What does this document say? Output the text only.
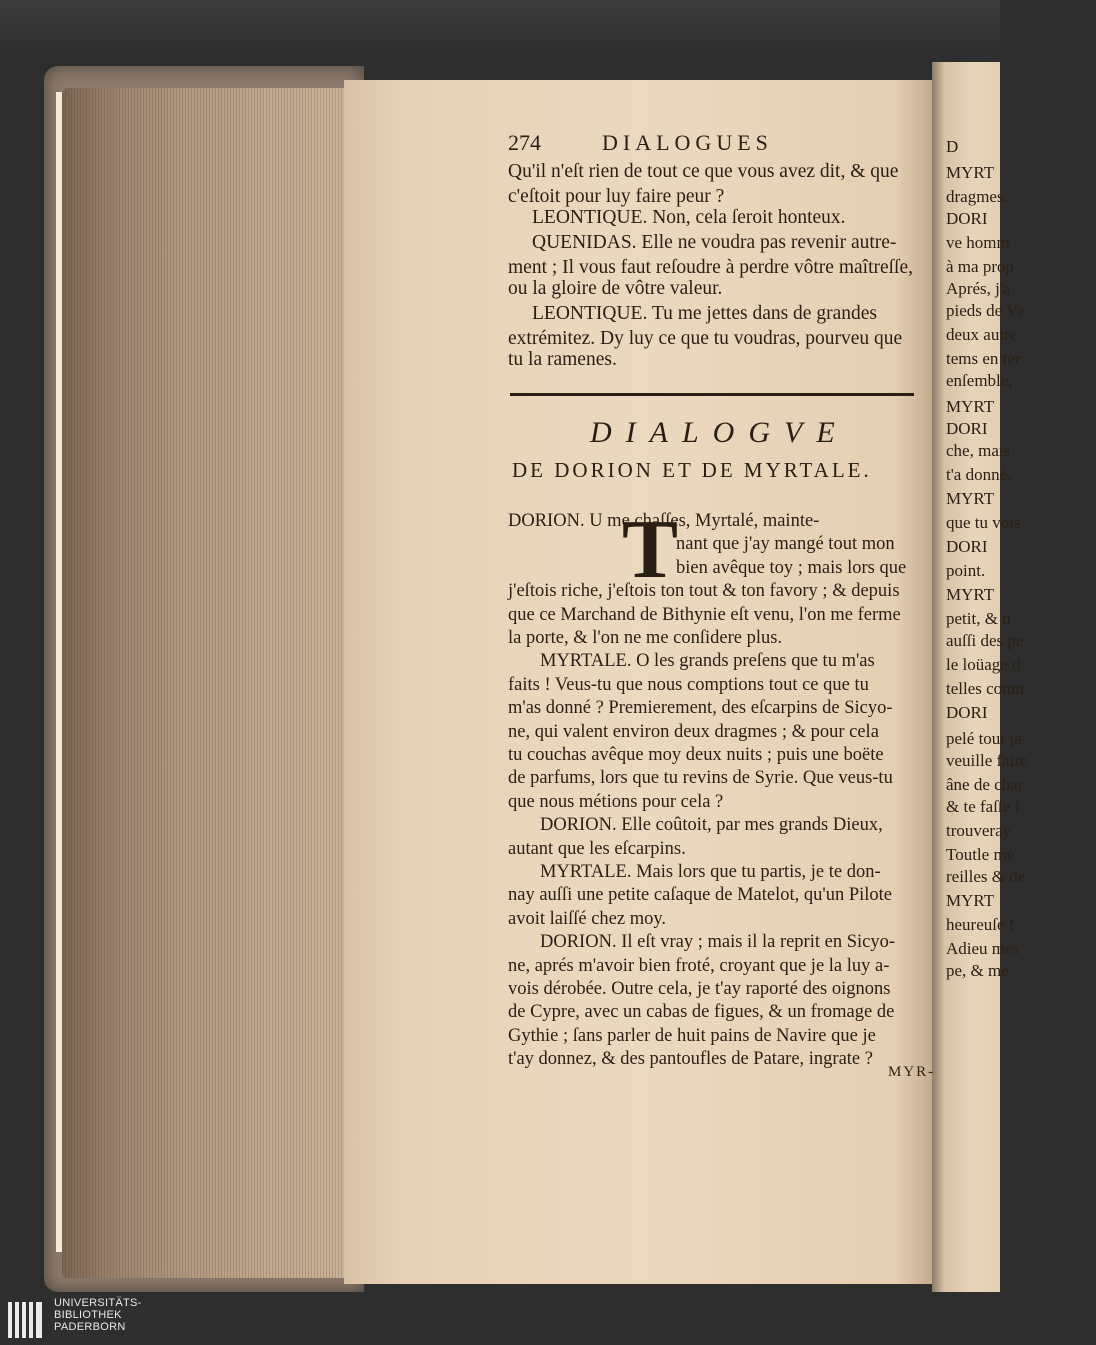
D
MYRT
dragmes.
DORI
ve homm
à ma prop
Aprés, j'a
pieds de Ve
deux autre
tems en ter
enſemble,
MYRT
DORI
che, mais
t'a donné.
MYRT
que tu vois
DORI
point.
MYRT
petit, & n
auſſi des pe
le loüage d
telles comn
DORI
pelé tout ja
veuille faire
âne de char
& te faſſe I
trouveray
Toutle me
reilles & de
MYRT
heureuſe !
Adieu mes
pe, & me
274	DIALOGUES
Qu'il n'eſt rien de tout ce que vous avez dit, & que
c'eſtoit pour luy faire peur ?
LEONTIQUE. Non, cela ſeroit honteux.
QUENIDAS. Elle ne voudra pas revenir autre-
ment ; Il vous faut reſoudre à perdre vôtre maîtreſſe,
ou la gloire de vôtre valeur.
LEONTIQUE. Tu me jettes dans de grandes
extrémitez. Dy luy ce que tu voudras, pourveu que
tu la ramenes.
DIALOGVE
DE DORION ET DE MYRTALE.
T
DORION. U me chaſſes, Myrtalé, mainte-
nant que j'ay mangé tout mon
bien avêque toy ; mais lors que
j'eſtois riche, j'eſtois ton tout & ton favory ; & depuis
que ce Marchand de Bithynie eſt venu, l'on me ferme
la porte, & l'on ne me conſidere plus.
MYRTALE. O les grands preſens que tu m'as
faits ! Veus-tu que nous comptions tout ce que tu
m'as donné ? Premierement, des eſcarpins de Sicyo-
ne, qui valent environ deux dragmes ; & pour cela
tu couchas avêque moy deux nuits ; puis une boëte
de parfums, lors que tu revins de Syrie. Que veus-tu
que nous métions pour cela ?
DORION. Elle coûtoit, par mes grands Dieux,
autant que les eſcarpins.
MYRTALE. Mais lors que tu partis, je te don-
nay auſſi une petite caſaque de Matelot, qu'un Pilote
avoit laiſſé chez moy.
DORION. Il eſt vray ; mais il la reprit en Sicyo-
ne, aprés m'avoir bien froté, croyant que je la luy a-
vois dérobée. Outre cela, je t'ay raporté des oignons
de Cypre, avec un cabas de figues, & un fromage de
Gythie ; ſans parler de huit pains de Navire que je
t'ay donnez, & des pantoufles de Patare, ingrate ?
MYR-
UNIVERSITÄTS-
BIBLIOTHEK
PADERBORN
